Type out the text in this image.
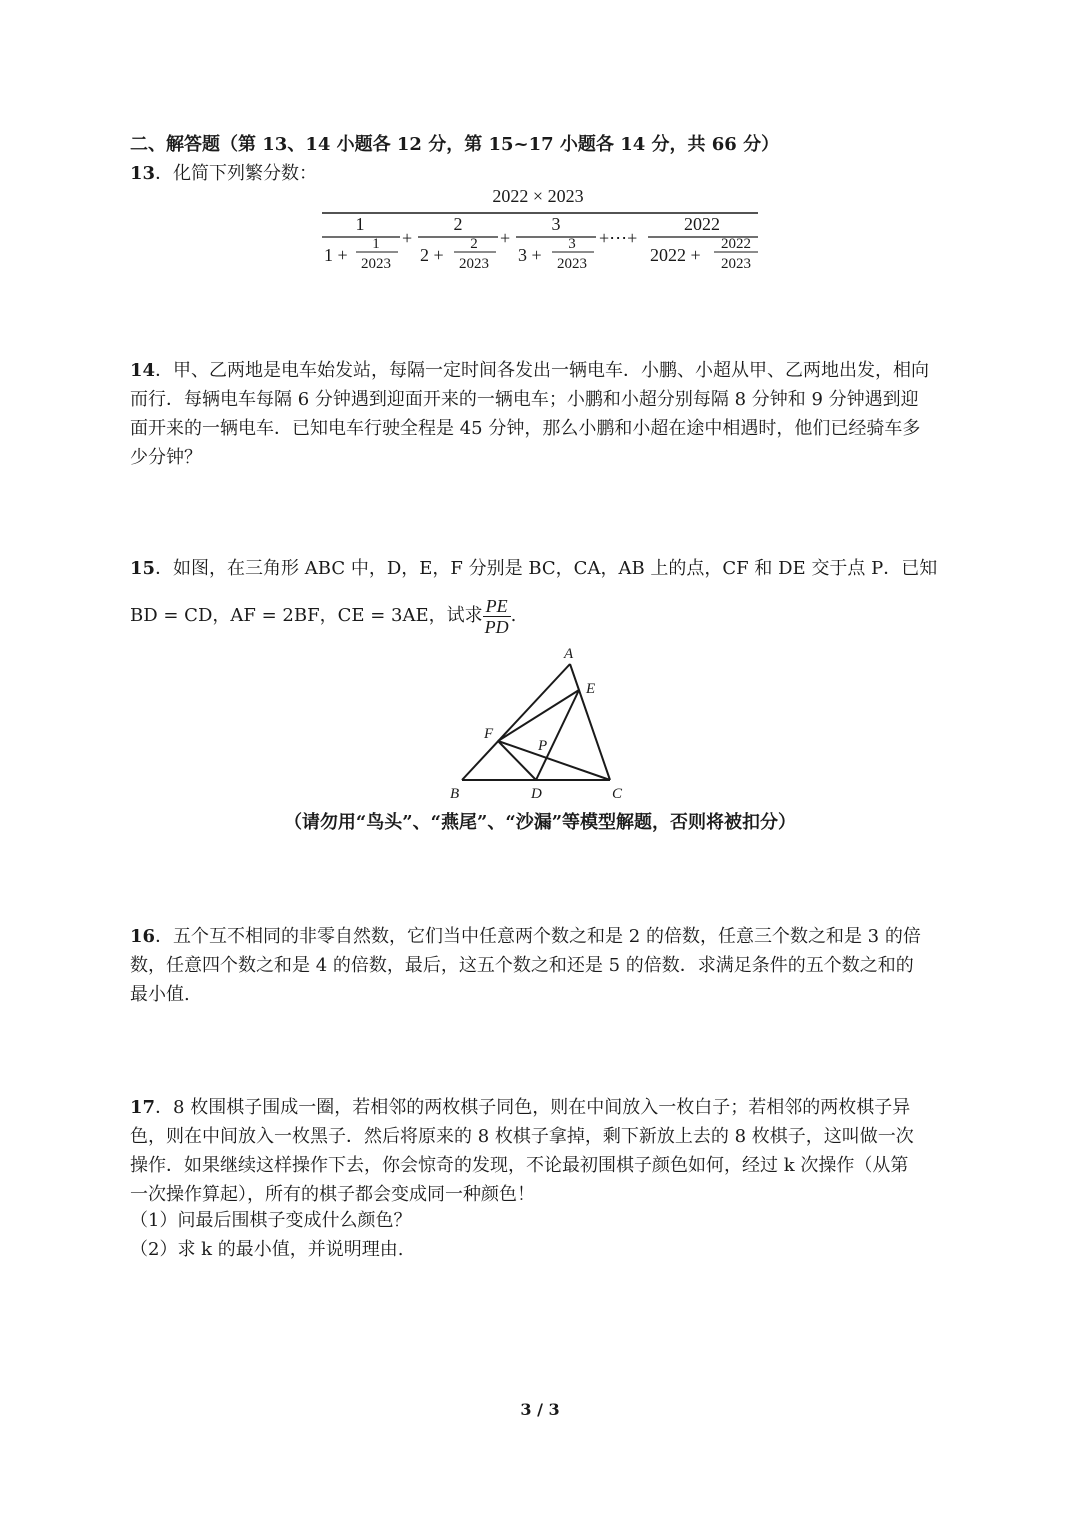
二、解答题（第 13、14 小题各 12 分，第 15~17 小题各 14 分，共 66 分）
13．化简下列繁分数：
2022 × 2023
1
1 +
1
2023
+
2
2 +
2
2023
+
3
3 +
3
2023
+⋯+
2022
2022 +
2022
2023
14．甲、乙两地是电车始发站，每隔一定时间各发出一辆电车．小鹏、小超从甲、乙两地出发，相向
而行．每辆电车每隔 6 分钟遇到迎面开来的一辆电车；小鹏和小超分别每隔 8 分钟和 9 分钟遇到迎
面开来的一辆电车．已知电车行驶全程是 45 分钟，那么小鹏和小超在途中相遇时，他们已经骑车多
少分钟？
15．如图，在三角形 ABC 中，D，E，F 分别是 BC，CA，AB 上的点，CF 和 DE 交于点 P．已知
BD = CD，AF = 2BF，CE = 3AE，试求 $\frac{PE}{PD}$ .
A
E
F
P
B	D	C
（请勿用“鸟头”、“燕尾”、“沙漏”等模型解题，否则将被扣分）
16．五个互不相同的非零自然数，它们当中任意两个数之和是 2 的倍数，任意三个数之和是 3 的倍
数，任意四个数之和是 4 的倍数，最后，这五个数之和还是 5 的倍数．求满足条件的五个数之和的
最小值.
17．8 枚围棋子围成一圈，若相邻的两枚棋子同色，则在中间放入一枚白子；若相邻的两枚棋子异
色，则在中间放入一枚黑子．然后将原来的 8 枚棋子拿掉，剩下新放上去的 8 枚棋子，这叫做一次
操作．如果继续这样操作下去，你会惊奇的发现，不论最初围棋子颜色如何，经过 k 次操作（从第
一次操作算起），所有的棋子都会变成同一种颜色！
（1）问最后围棋子变成什么颜色？
（2）求 k 的最小值，并说明理由.
3 / 3
